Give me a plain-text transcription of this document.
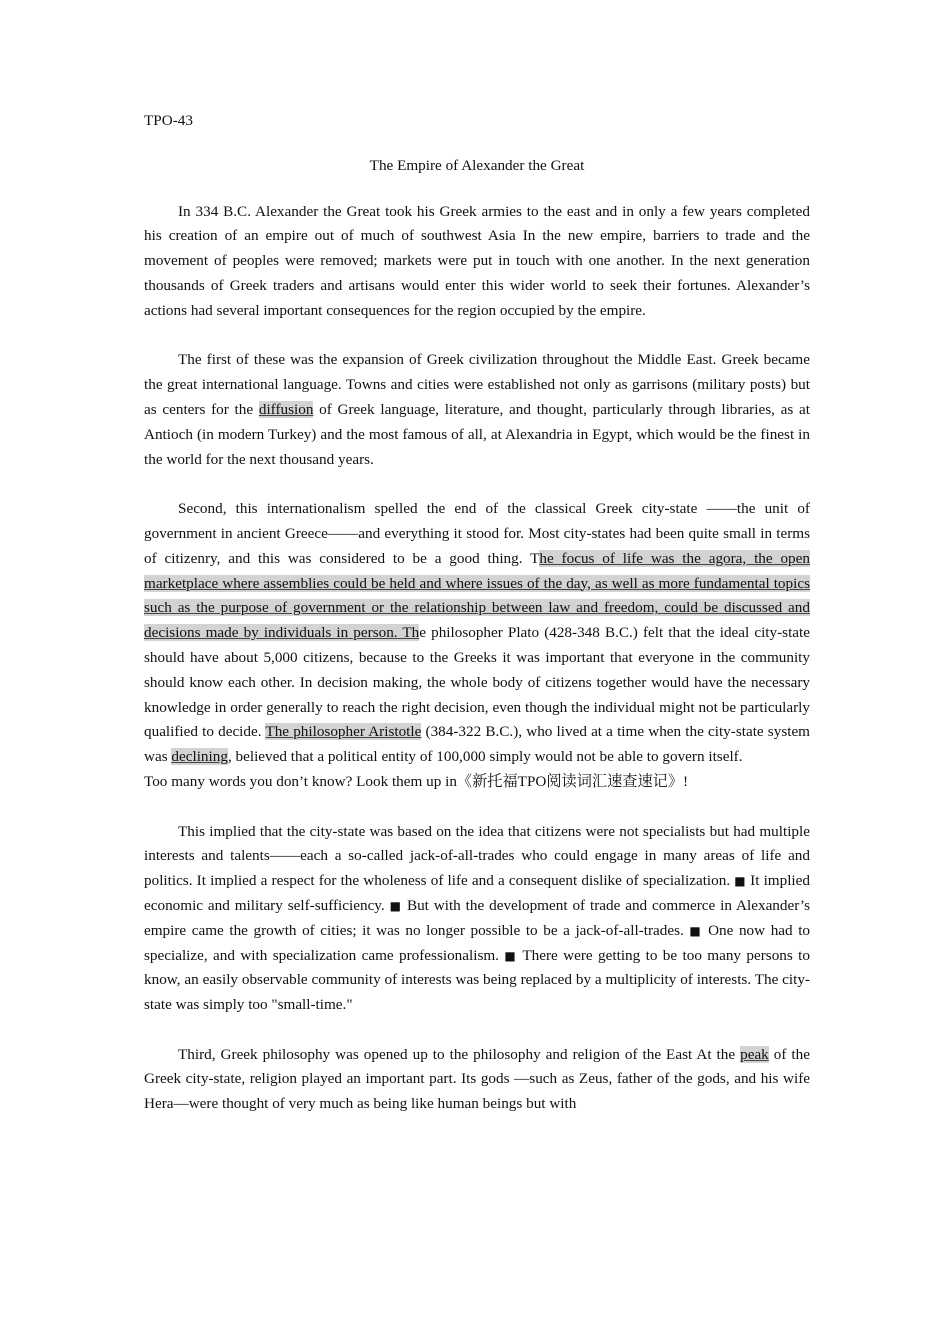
TPO-43
The Empire of Alexander the Great

In 334 B.C. Alexander the Great took his Greek armies to the east and in only a few years completed his creation of an empire out of much of southwest Asia In the new empire, barriers to trade and the movement of peoples were removed; markets were put in touch with one another. In the next generation thousands of Greek traders and artisans would enter this wider world to seek their fortunes. Alexander’s actions had several important consequences for the region occupied by the empire.

The first of these was the expansion of Greek civilization throughout the Middle East. Greek became the great international language. Towns and cities were established not only as garrisons (military posts) but as centers for the diffusion of Greek language, literature, and thought, particularly through libraries, as at Antioch (in modern Turkey) and the most famous of all, at Alexandria in Egypt, which would be the finest in the world for the next thousand years.

Second, this internationalism spelled the end of the classical Greek city-state ——the unit of government in ancient Greece——and everything it stood for. Most city-states had been quite small in terms of citizenry, and this was considered to be a good thing. The focus of life was the agora, the open marketplace where assemblies could be held and where issues of the day, as well as more fundamental topics such as the purpose of government or the relationship between law and freedom, could be discussed and decisions made by individuals in person. The philosopher Plato (428-348 B.C.) felt that the ideal city-state should have about 5,000 citizens, because to the Greeks it was important that everyone in the community should know each other. In decision making, the whole body of citizens together would have the necessary knowledge in order generally to reach the right decision, even though the individual might not be particularly qualified to decide. The philosopher Aristotle (384-322 B.C.), who lived at a time when the city-state system was declining, believed that a political entity of 100,000 simply would not be able to govern itself.

Too many words you don’t know? Look them up in《新托福TPO阅读词汇速查速记》!

This implied that the city-state was based on the idea that citizens were not specialists but had multiple interests and talents——each a so-called jack-of-all-trades who could engage in many areas of life and politics. It implied a respect for the wholeness of life and a consequent dislike of specialization. ■ It implied economic and military self-sufficiency. ■ But with the development of trade and commerce in Alexander’s empire came the growth of cities; it was no longer possible to be a jack-of-all-trades. ■ One now had to specialize, and with specialization came professionalism. ■ There were getting to be too many persons to know, an easily observable community of interests was being replaced by a multiplicity of interests. The city-state was simply too "small-time."

Third, Greek philosophy was opened up to the philosophy and religion of the East At the peak of the Greek city-state, religion played an important part. Its gods —such as Zeus, father of the gods, and his wife Hera—were thought of very much as being like human beings but with
